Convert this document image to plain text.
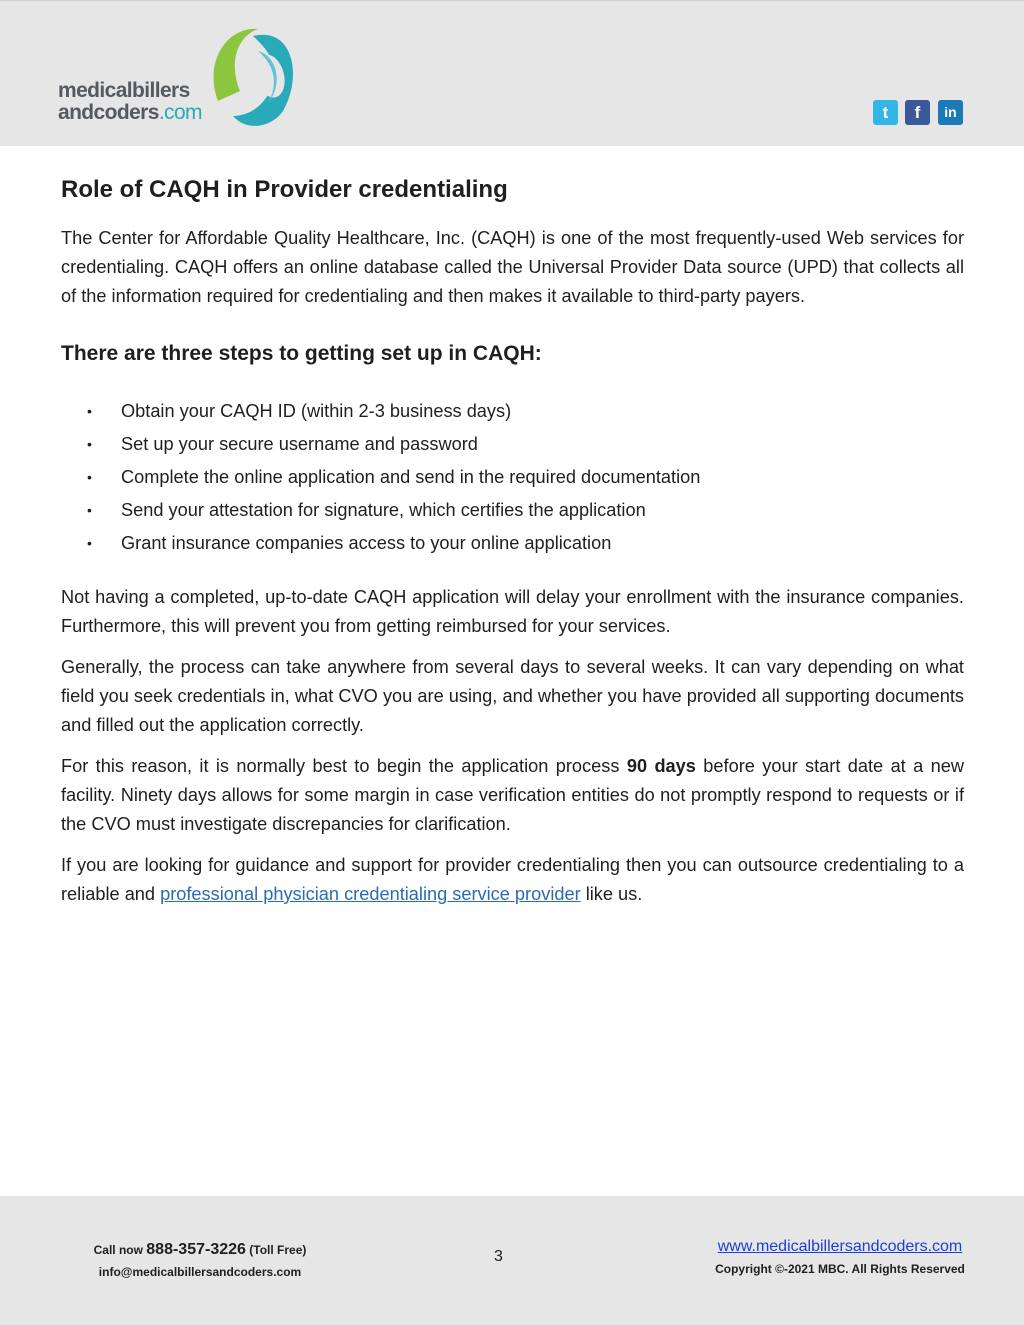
medicalbillers
andcoders.com	t	f	in
Role of CAQH in Provider credentialing

The Center for Affordable Quality Healthcare, Inc. (CAQH) is one of the most frequently-used Web services for credentialing. CAQH offers an online database called the Universal Provider Data source (UPD) that collects all of the information required for credentialing and then makes it available to third-party payers.

There are three steps to getting set up in CAQH:
• Obtain your CAQH ID (within 2-3 business days)
• Set up your secure username and password
• Complete the online application and send in the required documentation
• Send your attestation for signature, which certifies the application
• Grant insurance companies access to your online application

Not having a completed, up-to-date CAQH application will delay your enrollment with the insurance companies. Furthermore, this will prevent you from getting reimbursed for your services.

Generally, the process can take anywhere from several days to several weeks. It can vary depending on what field you seek credentials in, what CVO you are using, and whether you have provided all supporting documents and filled out the application correctly.

For this reason, it is normally best to begin the application process 90 days before your start date at a new facility. Ninety days allows for some margin in case verification entities do not promptly respond to requests or if the CVO must investigate discrepancies for clarification.

If you are looking for guidance and support for provider credentialing then you can outsource credentialing to a reliable and professional physician credentialing service provider like us.

Call now 888-357-3226 (Toll Free)
info@medicalbillersandcoders.com
3
www.medicalbillersandcoders.com
Copyright ©-2021 MBC. All Rights Reserved
